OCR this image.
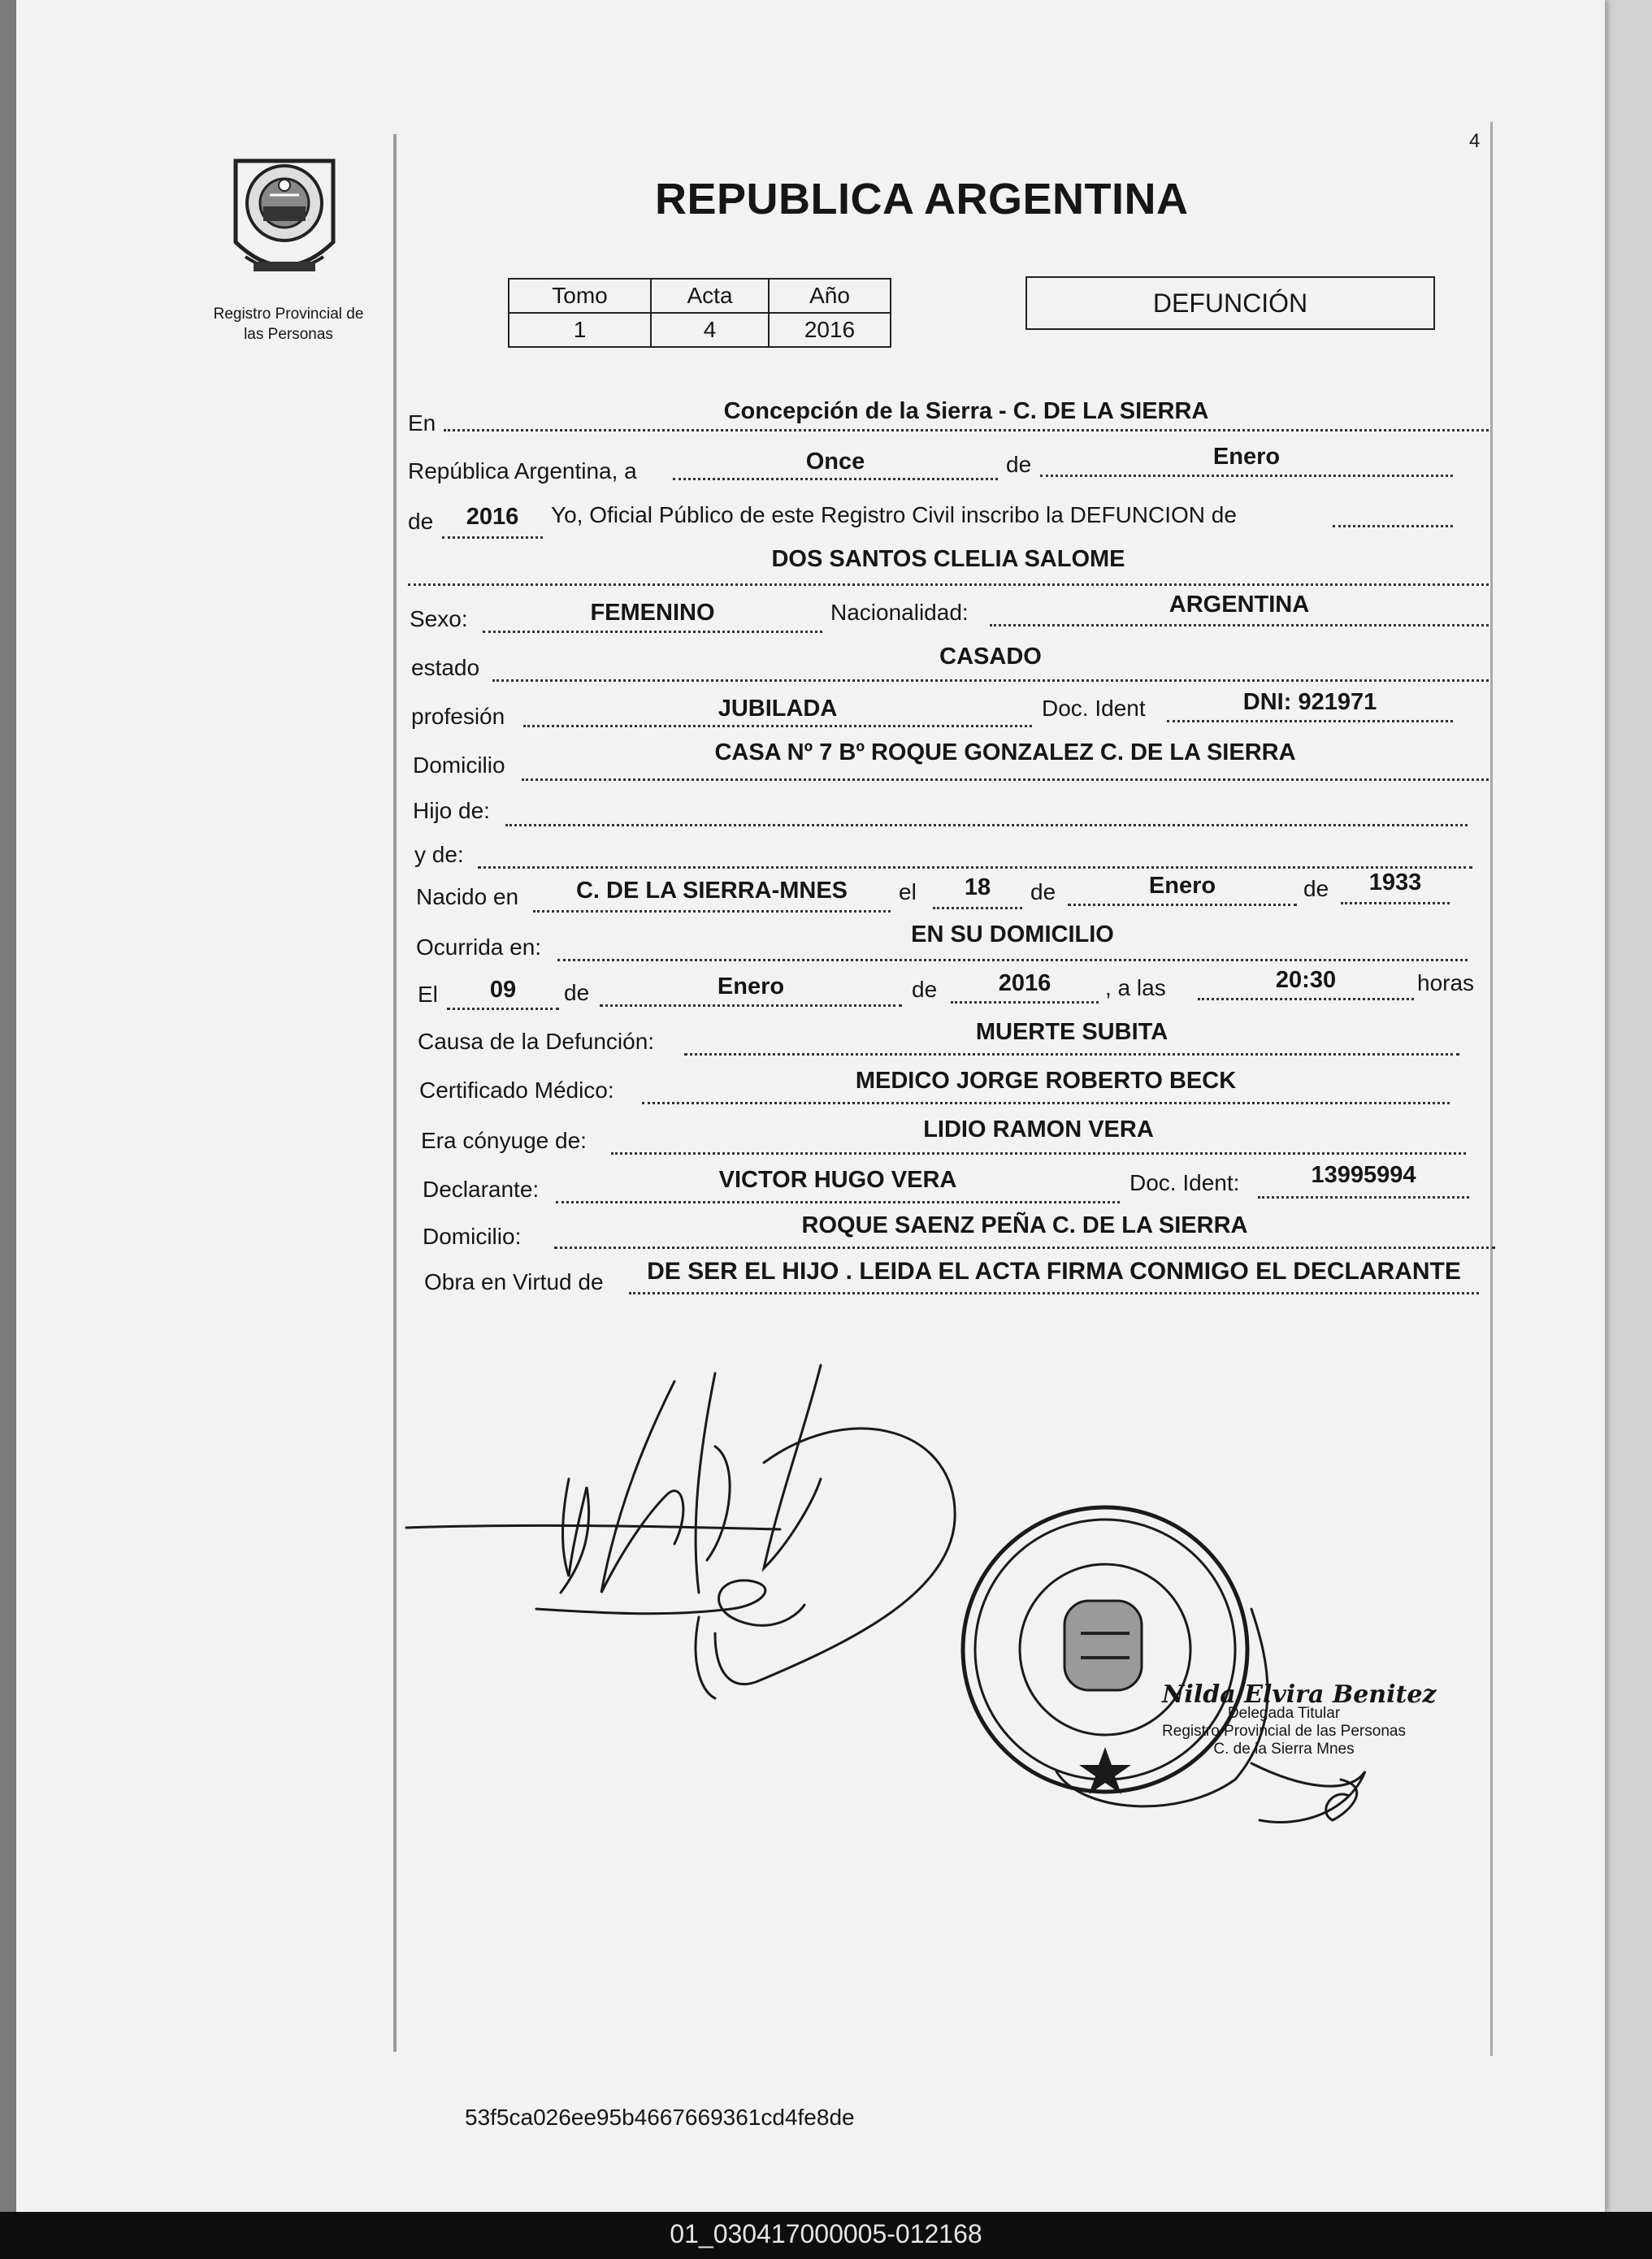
4
Registro Provincial de
las Personas
REPUBLICA ARGENTINA
Tomo	Acta	Año
1	4	2016
DEFUNCIÓN
En	Concepción de la Sierra - C. DE LA SIERRA
República Argentina, a	Once	de	Enero
de	2016	Yo, Oficial Público de este Registro Civil inscribo la DEFUNCION de
DOS SANTOS CLELIA SALOME
Sexo:	FEMENINO	Nacionalidad:	ARGENTINA
estado	CASADO
profesión	JUBILADA	Doc. Ident	DNI: 921971
Domicilio	CASA Nº 7 Bº ROQUE GONZALEZ C. DE LA SIERRA
Hijo de:
y de:
Nacido en	C. DE LA SIERRA-MNES	el	18	de	Enero	de	1933
Ocurrida en:	EN SU DOMICILIO
El	09	de	Enero	de	2016	, a las	20:30	horas
Causa de la Defunción:	MUERTE SUBITA
Certificado Médico:	MEDICO JORGE ROBERTO BECK
Era cónyuge de:	LIDIO RAMON VERA
Declarante:	VICTOR HUGO VERA	Doc. Ident:	13995994
Domicilio:	ROQUE SAENZ PEÑA C. DE LA SIERRA
Obra en Virtud de	DE SER EL HIJO . LEIDA EL ACTA FIRMA CONMIGO EL DECLARANTE
Nilda Elvira Benitez
Delegada Titular
Registro Provincial de las Personas
C. de la Sierra Mnes
53f5ca026ee95b4667669361cd4fe8de
01_030417000005-012168
